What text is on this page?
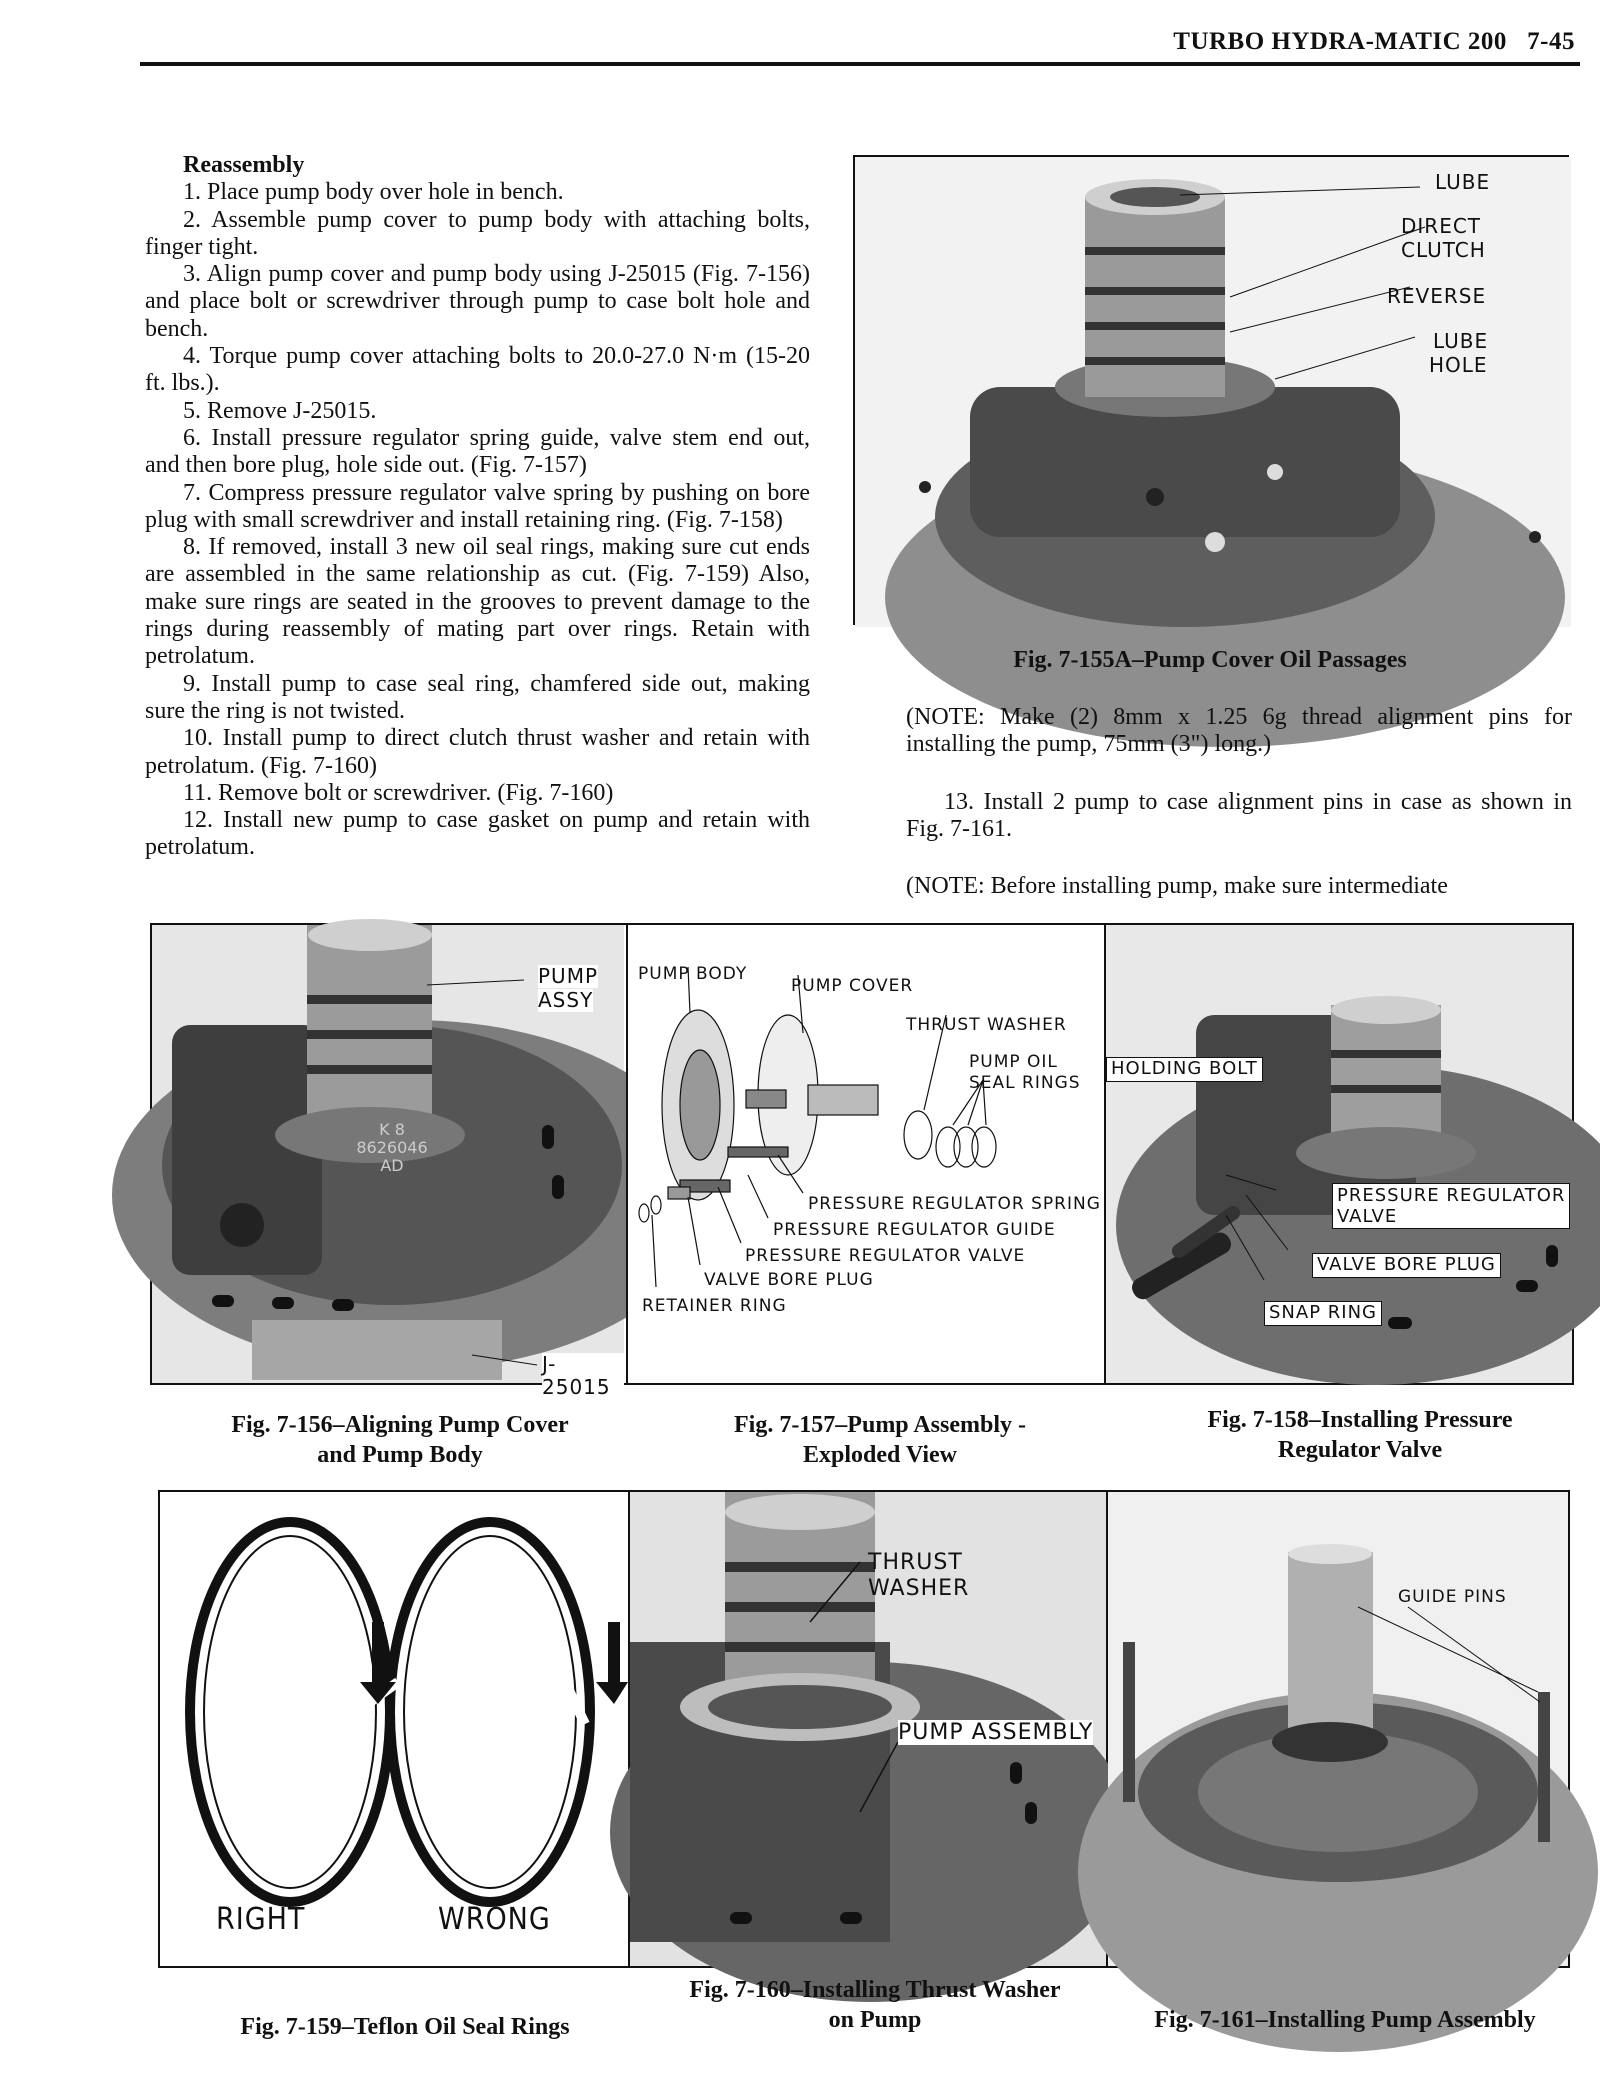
TURBO HYDRA-MATIC 200 7-45

Reassembly

1. Place pump body over hole in bench.

2. Assemble pump cover to pump body with attaching bolts, finger tight.

3. Align pump cover and pump body using J-25015 (Fig. 7-156) and place bolt or screwdriver through pump to case bolt hole and bench.

4. Torque pump cover attaching bolts to 20.0-27.0 N·m (15-20 ft. lbs.).

5. Remove J-25015.

6. Install pressure regulator spring guide, valve stem end out, and then bore plug, hole side out. (Fig. 7-157)

7. Compress pressure regulator valve spring by pushing on bore plug with small screwdriver and install retaining ring. (Fig. 7-158)

8. If removed, install 3 new oil seal rings, making sure cut ends are assembled in the same relationship as cut. (Fig. 7-159) Also, make sure rings are seated in the grooves to prevent damage to the rings during reassembly of mating part over rings. Retain with petrolatum.

9. Install pump to case seal ring, chamfered side out, making sure the ring is not twisted.

10. Install pump to direct clutch thrust washer and retain with petrolatum. (Fig. 7-160)

11. Remove bolt or screwdriver. (Fig. 7-160)

12. Install new pump to case gasket on pump and retain with petrolatum.

LUBE
DIRECT
CLUTCH
REVERSE
LUBE
HOLE
Fig. 7-155A–Pump Cover Oil Passages

(NOTE: Make (2) 8mm x 1.25 6g thread alignment pins for installing the pump, 75mm (3") long.)

13. Install 2 pump to case alignment pins in case as shown in Fig. 7-161.

(NOTE: Before installing pump, make sure intermediate

K 8
8626046
AD
PUMP
ASSY
J-25015
PUMP BODY
PUMP COVER
THRUST WASHER
PUMP OIL
SEAL RINGS
PRESSURE REGULATOR SPRING
PRESSURE REGULATOR GUIDE
PRESSURE REGULATOR VALVE
VALVE BORE PLUG
RETAINER RING
HOLDING BOLT
PRESSURE REGULATOR
VALVE
VALVE BORE PLUG
SNAP RING
Fig. 7-156–Aligning Pump Cover
and Pump Body
Fig. 7-157–Pump Assembly -
Exploded View
Fig. 7-158–Installing Pressure
Regulator Valve
RIGHT	WRONG
THRUST
WASHER
PUMP ASSEMBLY
GUIDE PINS
Fig. 7-159–Teflon Oil Seal Rings
Fig. 7-160–Installing Thrust Washer
on Pump	Fig. 7-161–Installing Pump Assembly
